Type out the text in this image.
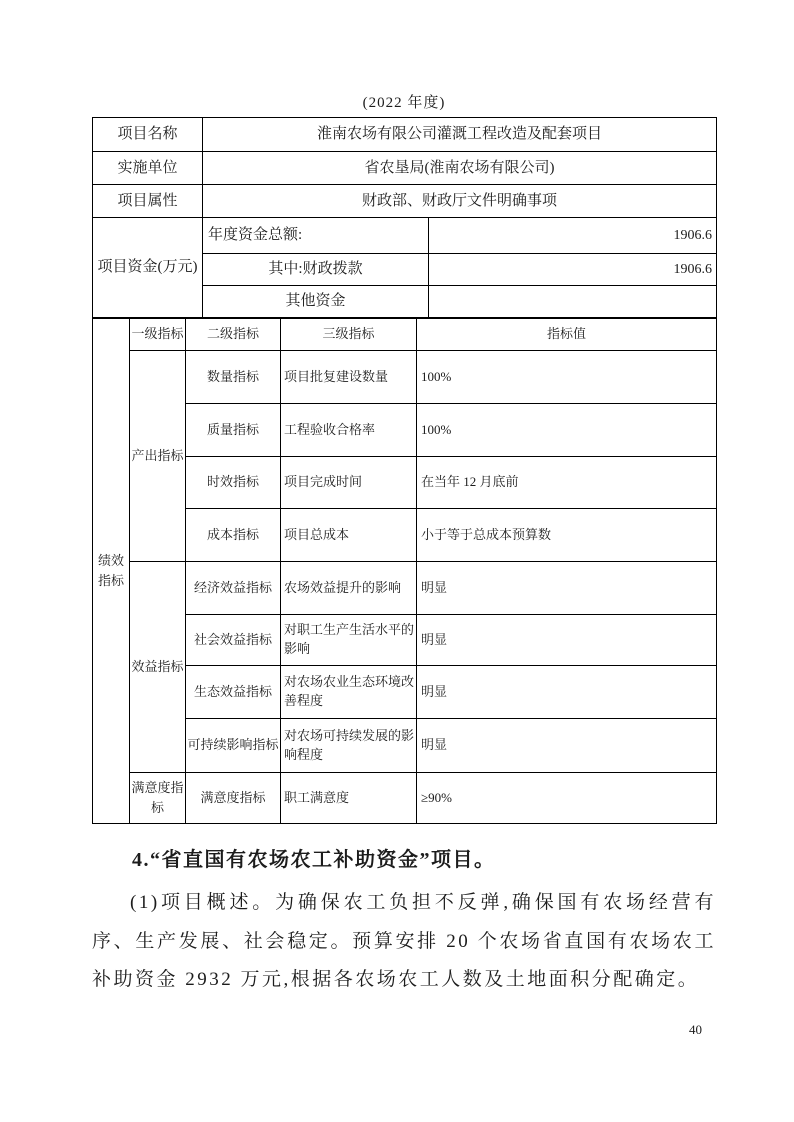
(2022 年度)
项目名称	淮南农场有限公司灌溉工程改造及配套项目	
实施单位	省农垦局(淮南农场有限公司)	
项目属性	财政部、财政厅文件明确事项	
项目资金(万元)	年度资金总额:	1906.6
	其中:财政拨款	1906.6
	其他资金	
绩效指标	一级指标	二级指标	三级指标	指标值
	产出指标	数量指标	项目批复建设数量	100%
		质量指标	工程验收合格率	100%
		时效指标	项目完成时间	在当年 12 月底前
		成本指标	项目总成本	小于等于总成本预算数
	效益指标	经济效益指标	农场效益提升的影响	明显
		社会效益指标	对职工生产生活水平的影响	明显
		生态效益指标	对农场农业生态环境改善程度	明显
		可持续影响指标	对农场可持续发展的影响程度	明显
	满意度指标	满意度指标	职工满意度	≥90%

4.“省直国有农场农工补助资金”项目。

(1)项目概述。为确保农工负担不反弹,确保国有农场经营有序、生产发展、社会稳定。预算安排 20 个农场省直国有农场农工补助资金 2932 万元,根据各农场农工人数及土地面积分配确定。

40
